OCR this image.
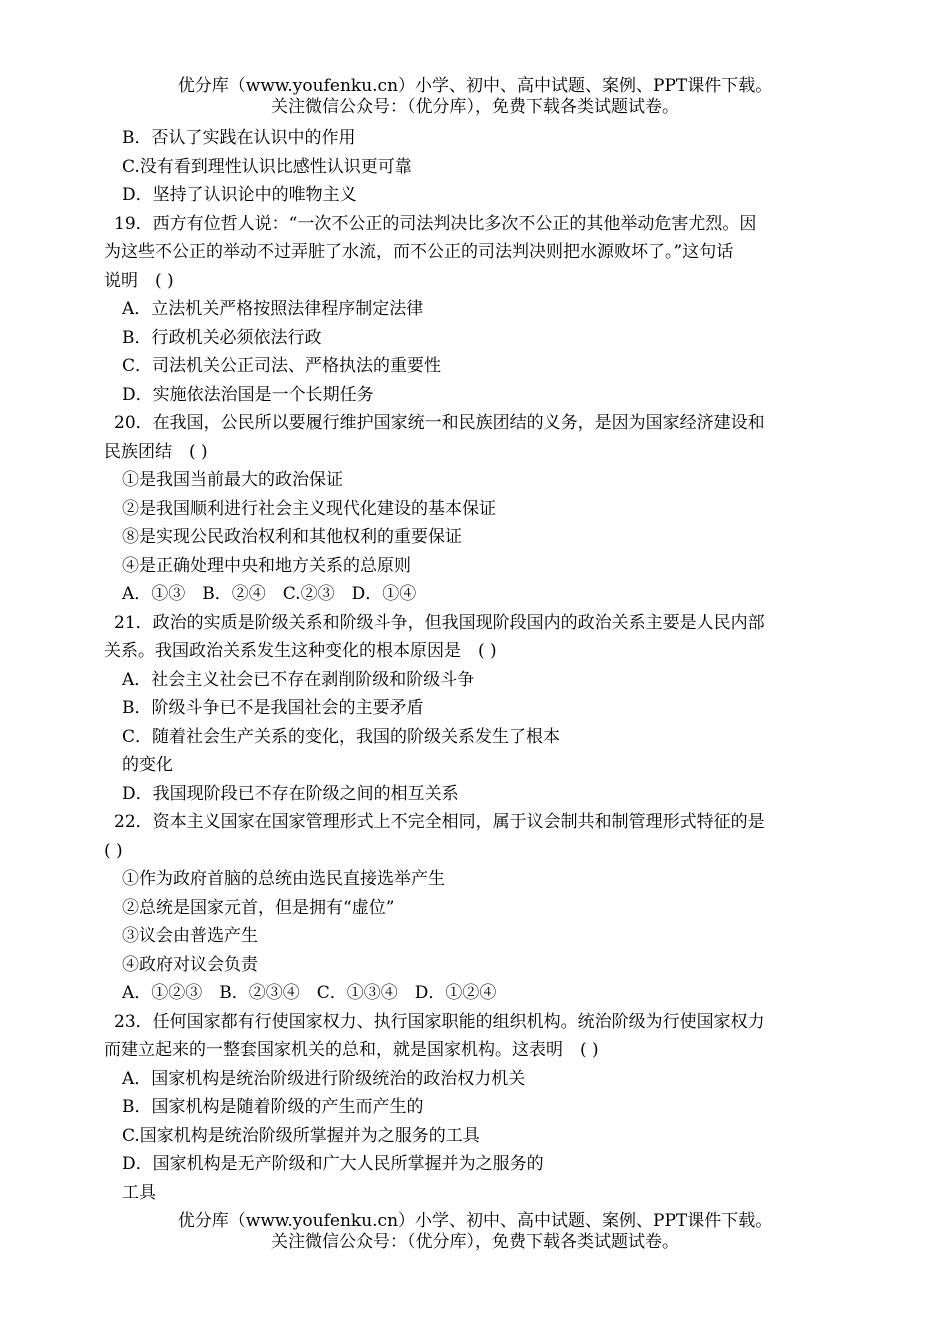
优分库（www.youfenku.cn）小学、初中、高中试题、案例、PPT课件下载。
关注微信公众号：（优分库），免费下载各类试题试卷。
B．否认了实践在认识中的作用
C.没有看到理性认识比感性认识更可靠
D．坚持了认识论中的唯物主义
19．西方有位哲人说：“一次不公正的司法判决比多次不公正的其他举动危害尤烈。因
为这些不公正的举动不过弄脏了水流，而不公正的司法判决则把水源败坏了。”这句话
说明　( )
A．立法机关严格按照法律程序制定法律
B．行政机关必须依法行政
C．司法机关公正司法、严格执法的重要性
D．实施依法治国是一个长期任务
20．在我国，公民所以要履行维护国家统一和民族团结的义务，是因为国家经济建设和
民族团结　( )
①是我国当前最大的政治保证
②是我国顺利进行社会主义现代化建设的基本保证
⑧是实现公民政治权利和其他权利的重要保证
④是正确处理中央和地方关系的总原则
A．①③　B．②④　C.②③　D．①④
21．政治的实质是阶级关系和阶级斗争，但我国现阶段国内的政治关系主要是人民内部
关系。我国政治关系发生这种变化的根本原因是　( )
A．社会主义社会已不存在剥削阶级和阶级斗争
B．阶级斗争已不是我国社会的主要矛盾
C．随着社会生产关系的变化，我国的阶级关系发生了根本
的变化
D．我国现阶段已不存在阶级之间的相互关系
22．资本主义国家在国家管理形式上不完全相同，属于议会制共和制管理形式特征的是
( )
①作为政府首脑的总统由选民直接选举产生
②总统是国家元首，但是拥有“虚位”
③议会由普选产生
④政府对议会负责
A．①②③　B．②③④　C．①③④　D．①②④
23．任何国家都有行使国家权力、执行国家职能的组织机构。统治阶级为行使国家权力
而建立起来的一整套国家机关的总和，就是国家机构。这表明　( )
A．国家机构是统治阶级进行阶级统治的政治权力机关
B．国家机构是随着阶级的产生而产生的
C.国家机构是统治阶级所掌握并为之服务的工具
D．国家机构是无产阶级和广大人民所掌握并为之服务的
工具
优分库（www.youfenku.cn）小学、初中、高中试题、案例、PPT课件下载。
关注微信公众号：（优分库），免费下载各类试题试卷。
